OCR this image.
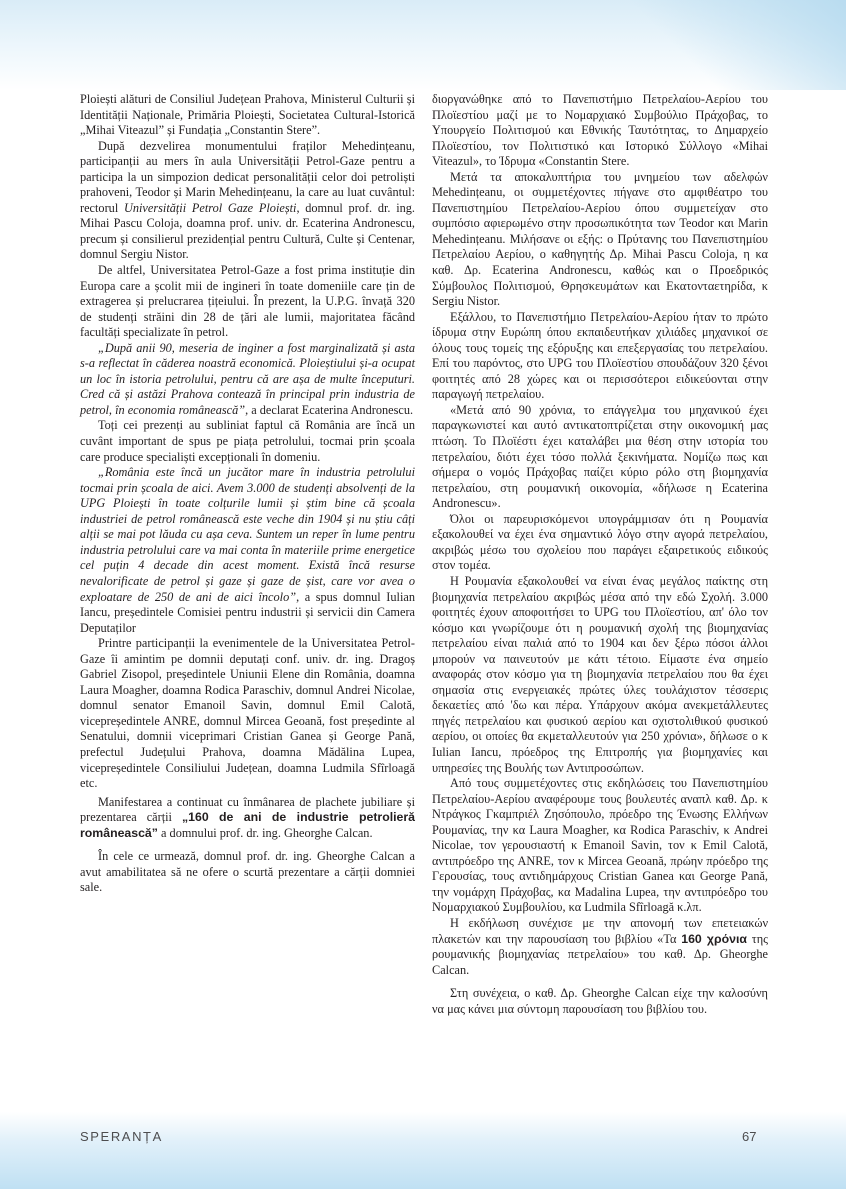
Ploiești alături de Consiliul Județean Prahova, Ministerul Culturii și Identității Naționale, Primăria Ploiești, Societatea Cultural-Istorică „Mihai Viteazul” și Fundația „Constantin Stere”.

După dezvelirea monumentului fraților Mehedințeanu, participanții au mers în aula Universității Petrol-Gaze pentru a participa la un simpozion dedicat personalității celor doi petroliști prahoveni, Teodor și Marin Mehedințeanu, la care au luat cuvântul: rectorul Universității Petrol Gaze Ploiești, domnul prof. dr. ing. Mihai Pascu Coloja, doamna prof. univ. dr. Ecaterina Andronescu, precum și consilierul prezidențial pentru Cultură, Culte și Centenar, domnul Sergiu Nistor.

De altfel, Universitatea Petrol-Gaze a fost prima instituție din Europa care a școlit mii de ingineri în toate domeniile care țin de extragerea și prelucrarea țițeiului. În prezent, la U.P.G. învață 320 de studenți străini din 28 de țări ale lumii, majoritatea făcând facultăți specializate în petrol.

„După anii 90, meseria de inginer a fost marginalizată și asta s-a reflectat în căderea noastră economică. Ploieștiului și-a ocupat un loc în istoria petrolului, pentru că are așa de multe începuturi. Cred că și astăzi Prahova contează în principal prin industria de petrol, în economia românească”, a declarat Ecaterina Andronescu.

Toți cei prezenți au subliniat faptul că România are încă un cuvânt important de spus pe piața petrolului, tocmai prin școala care produce specialiști excepționali în domeniu.

„România este încă un jucător mare în industria petrolului tocmai prin școala de aici. Avem 3.000 de studenți absolvenți de la UPG Ploiești în toate colțurile lumii și știm bine că școala industriei de petrol românească este veche din 1904 și nu știu câți alții se mai pot lăuda cu așa ceva. Suntem un reper în lume pentru industria petrolului care va mai conta în materiile prime energetice cel puțin 4 decade din acest moment. Există încă resurse nevalorificate de petrol și gaze și gaze de șist, care vor avea o exploatare de 250 de ani de aici încolo”, a spus domnul Iulian Iancu, președintele Comisiei pentru industrii și servicii din Camera Deputaților

Printre participanții la evenimentele de la Universitatea Petrol-Gaze îi amintim pe domnii deputați conf. univ. dr. ing. Dragoș Gabriel Zisopol, președintele Uniunii Elene din România, doamna Laura Moagher, doamna Rodica Paraschiv, domnul Andrei Nicolae, domnul senator Emanoil Savin, domnul Emil Calotă, vicepreședintele ANRE, domnul Mircea Geoană, fost președinte al Senatului, domnii viceprimari Cristian Ganea și George Pană, prefectul Județului Prahova, doamna Mădălina Lupea, vicepreședintele Consiliului Județean, doamna Ludmila Sfîrloagă etc.

Manifestarea a continuat cu înmânarea de plachete jubiliare și prezentarea cărții „160 de ani de industrie petrolieră românească” a domnului prof. dr. ing. Gheorghe Calcan.

În cele ce urmează, domnul prof. dr. ing. Gheorghe Calcan a avut amabilitatea să ne ofere o scurtă prezentare a cărții domniei sale.

διοργανώθηκε από το Πανεπιστήμιο Πετρελαίου-Αερίου του Πλοϊεστίου μαζί με το Νομαρχιακό Συμβούλιο Πράχοβας, το Υπουργείο Πολιτισμού και Εθνικής Ταυτότητας, το Δημαρχείο Πλοϊεστίου, τον Πολιτιστικό και Ιστορικό Σύλλογο «Mihai Viteazul», το Ίδρυμα «Constantin Stere.

Μετά τα αποκαλυπτήρια του μνημείου των αδελφών Mehedințeanu, οι συμμετέχοντες πήγανε στο αμφιθέατρο του Πανεπιστημίου Πετρελαίου-Αερίου όπου συμμετείχαν στο συμπόσιο αφιερωμένο στην προσωπικότητα των Teodor και Marin Mehedințeanu. Μιλήσανε οι εξής: ο Πρύτανης του Πανεπιστημίου Πετρελαίου Αερίου, ο καθηγητής Δρ. Mihai Pascu Coloja, η κα καθ. Δρ. Ecaterina Andronescu, καθώς και ο Προεδρικός Σύμβουλος Πολιτισμού, Θρησκευμάτων και Εκατονταετηρίδα, κ Sergiu Nistor.

Εξάλλου, το Πανεπιστήμιο Πετρελαίου-Αερίου ήταν το πρώτο ίδρυμα στην Ευρώπη όπου εκπαιδευτήκαν χιλιάδες μηχανικοί σε όλους τους τομείς της εξόρυξης και επεξεργασίας του πετρελαίου. Επί του παρόντος, στο UPG του Πλοϊεστίου σπουδάζουν 320 ξένοι φοιτητές από 28 χώρες και οι περισσότεροι ειδικεύονται στην παραγωγή πετρελαίου.

«Μετά από 90 χρόνια, το επάγγελμα του μηχανικού έχει παραγκωνιστεί και αυτό αντικατοπτρίζεται στην οικονομική μας πτώση. Το Πλοϊέστι έχει καταλάβει μια θέση στην ιστορία του πετρελαίου, διότι έχει τόσο πολλά ξεκινήματα. Νομίζω πως και σήμερα ο νομός Πράχοβας παίζει κύριο ρόλο στη βιομηχανία πετρελαίου, στη ρουμανική οικονομία, «δήλωσε η Ecaterina Andronescu».

Όλοι οι παρευρισκόμενοι υπογράμμισαν ότι η Ρουμανία εξακολουθεί να έχει ένα σημαντικό λόγο στην αγορά πετρελαίου, ακριβώς μέσω του σχολείου που παράγει εξαιρετικούς ειδικούς στον τομέα.

Η Ρουμανία εξακολουθεί να είναι ένας μεγάλος παίκτης στη βιομηχανία πετρελαίου ακριβώς μέσα από την εδώ Σχολή. 3.000 φοιτητές έχουν αποφοιτήσει το UPG του Πλοϊεστίου, απ' όλο τον κόσμο και γνωρίζουμε ότι η ρουμανική σχολή της βιομηχανίας πετρελαίου είναι παλιά από το 1904 και δεν ξέρω πόσοι άλλοι μπορούν να παινευτούν με κάτι τέτοιο. Είμαστε ένα σημείο αναφοράς στον κόσμο για τη βιομηχανία πετρελαίου που θα έχει σημασία στις ενεργειακές πρώτες ύλες τουλάχιστον τέσσερις δεκαετίες από 'δω και πέρα. Υπάρχουν ακόμα ανεκμετάλλευτες πηγές πετρελαίου και φυσικού αερίου και σχιστολιθικού φυσικού αερίου, οι οποίες θα εκμεταλλευτούν για 250 χρόνια», δήλωσε ο κ Iulian Iancu, πρόεδρος της Επιτροπής για βιομηχανίες και υπηρεσίες της Βουλής των Αντιπροσώπων.

Από τους συμμετέχοντες στις εκδηλώσεις του Πανεπιστημίου Πετρελαίου-Αερίου αναφέρουμε τους βουλευτές αναπλ καθ. Δρ. κ Ντράγκος Γκαμπριέλ Ζησόπουλο, πρόεδρο της Ένωσης Ελλήνων Ρουμανίας, την κα Laura Moagher, κα Rodica Paraschiv, κ Andrei Nicolae, τον γερουσιαστή κ Emanoil Savin, τον κ Emil Calotă, αντιπρόεδρο της ANRE, τον κ Mircea Geoană, πρώην πρόεδρο της Γερουσίας, τους αντιδημάρχους Cristian Ganea και George Pană, την νομάρχη Πράχοβας, κα Madalina Lupea, την αντιπρόεδρο του Νομαρχιακού Συμβουλίου, κα Ludmila Sfîrloagă κ.λπ.

Η εκδήλωση συνέχισε με την απονομή των επετειακών πλακετών και την παρουσίαση του βιβλίου «Τα 160 χρόνια της ρουμανικής βιομηχανίας πετρελαίου» του καθ. Δρ. Gheorghe Calcan.

Στη συνέχεια, ο καθ. Δρ. Gheorghe Calcan είχε την καλοσύνη να μας κάνει μια σύντομη παρουσίαση του βιβλίου του.

SPERANȚA	67
